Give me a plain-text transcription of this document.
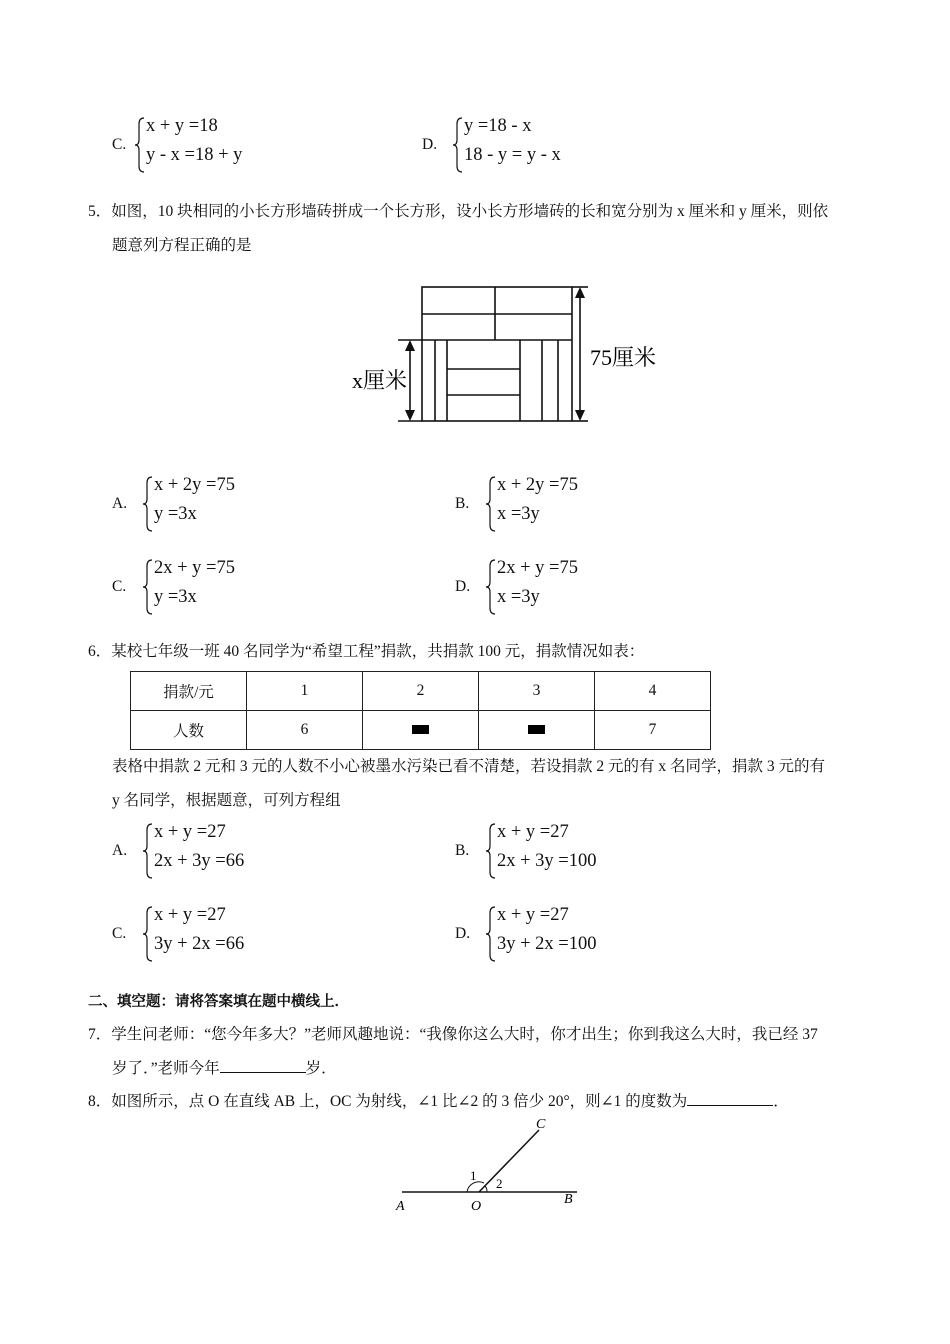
C.
x + y =18
y - x =18 + y
D.
y =18 - x
18 - y = y - x
5．如图，10 块相同的小长方形墙砖拼成一个长方形，设小长方形墙砖的长和宽分别为 x 厘米和 y 厘米，则依
题意列方程正确的是
75厘米
x厘米
A.
x + 2y =75
y =3x
B.
x + 2y =75
x =3y
C.
2x + y =75
y =3x
D.
2x + y =75
x =3y
6．某校七年级一班 40 名同学为“希望工程”捐款，共捐款 100 元，捐款情况如表：
捐款/元	1	2	3	4
人数	6			7
表格中捐款 2 元和 3 元的人数不小心被墨水污染已看不清楚，若设捐款 2 元的有 x 名同学，捐款 3 元的有
y 名同学，根据题意，可列方程组
A.
x + y =27
2x + 3y =66
B.
x + y =27
2x + 3y =100
C.
x + y =27
3y + 2x =66
D.
x + y =27
3y + 2x =100
二、填空题：请将答案填在题中横线上．
7．学生问老师：“您今年多大？”老师风趣地说：“我像你这么大时，你才出生；你到我这么大时，我已经 37
岁了．”老师今年	岁．
8．如图所示，点 O 在直线 AB 上，OC 为射线，∠1 比∠2 的 3 倍少 20°，则∠1 的度数为	．
A	O	B
C
1
2
